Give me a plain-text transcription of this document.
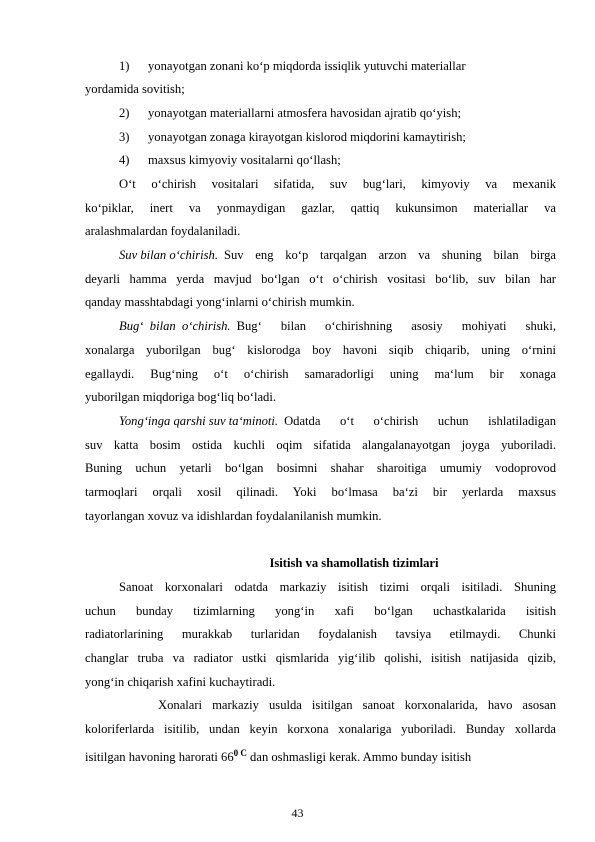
1) yonayotgan zonani ko‘p miqdorda issiqlik yutuvchi materiallar
yordamida sovitish;
2) yonayotgan materiallarni atmosfera havosidan ajratib qo‘yish;
3) yonayotgan zonaga kirayotgan kislorod miqdorini kamaytirish;
4) maxsus kimyoviy vositalarni qo‘llash;
O‘t o‘chirish vositalari sifatida, suv bug‘lari, kimyoviy va mexanik
ko‘piklar, inert va yonmaydigan gazlar, qattiq kukunsimon materiallar va
aralashmalardan foydalaniladi.
Suv bilan o‘chirish. Suv eng ko‘p tarqalgan arzon va shuning bilan birga
deyarli hamma yerda mavjud bo‘lgan o‘t o‘chirish vositasi bo‘lib, suv bilan har
qanday masshtabdagi yong‘inlarni o‘chirish mumkin.
Bug‘  bilan  o‘chirish. Bug‘ bilan o‘chirishning asosiy mohiyati shuki,
xonalarga yuborilgan bug‘ kislorodga boy havoni siqib chiqarib, uning o‘rnini
egallaydi. Bug‘ning o‘t o‘chirish samaradorligi uning ma‘lum bir xonaga
yuborilgan miqdoriga bog‘liq bo‘ladi.
Yong‘inga qarshi suv ta‘minoti. Odatda o‘t o‘chirish uchun ishlatiladigan
suv katta bosim ostida kuchli oqim sifatida alangalanayotgan joyga yuboriladi.
Buning uchun yetarli bo‘lgan bosimni shahar sharoitiga umumiy vodoprovod
tarmoqlari orqali xosil qilinadi. Yoki bo‘lmasa ba‘zi bir yerlarda maxsus
tayorlangan xovuz va idishlardan foydalanilanish mumkin.
Isitish va shamollatish tizimlari
Sanoat korxonalari odatda markaziy isitish tizimi orqali isitiladi. Shuning
uchun bunday tizimlarning yong‘in xafi bo‘lgan uchastkalarida isitish
radiatorlarining murakkab turlaridan foydalanish tavsiya etilmaydi. Chunki
changlar truba va radiator ustki qismlarida yig‘ilib qolishi, isitish natijasida qizib,
yong‘in chiqarish xafini kuchaytiradi.
Xonalari markaziy usulda isitilgan sanoat korxonalarida, havo asosan
koloriferlarda isitilib, undan keyin korxona xonalariga yuboriladi. Bunday xollarda
isitilgan havoning harorati $66^{0 C}$ dan oshmasligi kerak. Ammo bunday isitish
43
